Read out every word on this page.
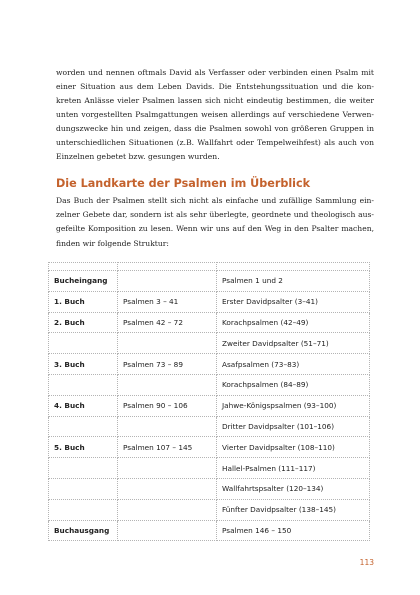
worden und nennen oftmals David als Verfasser oder verbinden einen Psalm mit einer Situation aus dem Leben Davids. Die Entstehungssituation und die kon- kreten Anlässe vieler Psalmen lassen sich nicht eindeutig bestimmen, die weiter unten vorgestellten Psalmgattungen weisen allerdings auf verschiedene Verwen- dungszwecke hin und zeigen, dass die Psalmen sowohl von größeren Gruppen in unterschiedlichen Situationen (z.B. Wallfahrt oder Tempelweihfest) als auch von Einzelnen gebetet bzw. gesungen wurden.

Die Landkarte der Psalmen im Überblick

Das Buch der Psalmen stellt sich nicht als einfache und zufällige Sammlung ein- zelner Gebete dar, sondern ist als sehr überlegte, geordnete und theologisch aus- gefeilte Komposition zu lesen. Wenn wir uns auf den Weg in den Psalter machen, finden wir folgende Struktur:

Bucheingang		Psalmen 1 und 2
1. Buch	Psalmen 3 – 41	Erster Davidpsalter (3–41)
2. Buch	Psalmen 42 – 72	Korachpsalmen (42–49)
		Zweiter Davidpsalter (51–71)
3. Buch	Psalmen 73 – 89	Asafpsalmen (73–83)
		Korachpsalmen (84–89)
4. Buch	Psalmen 90 – 106	Jahwe-Königspsalmen (93–100)
		Dritter Davidpsalter (101–106)
5. Buch	Psalmen 107 – 145	Vierter Davidpsalter (108–110)
		Hallel-Psalmen (111–117)
		Wallfahrtspsalter (120–134)
		Fünfter Davidpsalter (138–145)
Buchausgang		Psalmen 146 – 150
113
